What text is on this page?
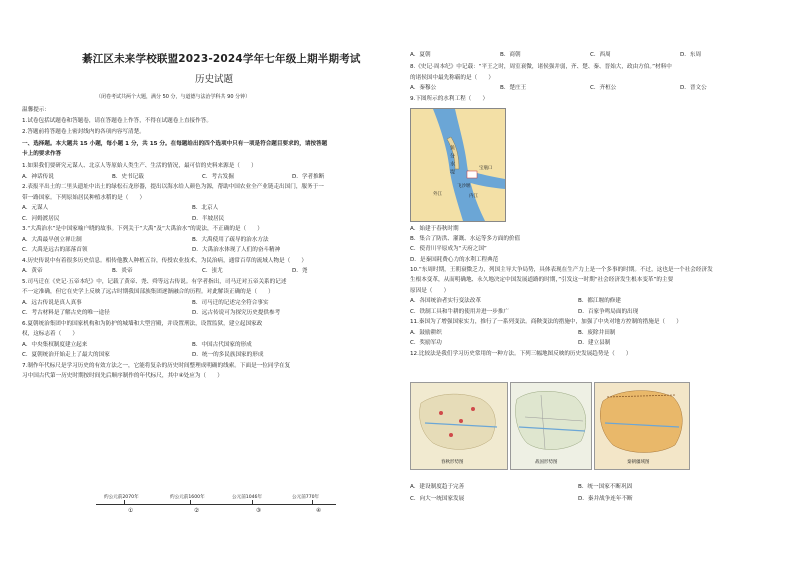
綦江区未来学校联盟2023-2024学年七年级上期半期考试
历史试题
（闭卷考试共两个大题，满分 50 分，与道德与法治学科共 90 分钟）
温馨提示：
1.试卷包括试题卷和答题卷，请在答题卷上作答，不得在试题卷上直接作答。
2.答题前将答题卷上密封线内的各项内容写清楚。
一、选择题。本大题共 15 小题，每小题 1 分，共 15 分。在每题给出的四个选项中只有一项是符合题目要求的，请按答题
卡上的要求作答
1.如果我们要研究元谋人、北京人等原始人类生产、生活的情况，最可信的史料来源是（　　）
A．神话传说	B．史书记载	C．考古发掘	D．学者推断
2.表报平出土的二里头遗址中出土的绿松石龙形器，提出以海水给人颜色为源，帮助中国农业全产业链走出国门，服务于一
带一路国家。下列原始居民种植水稻的是（　　）
A．元谋人	B．北京人
C．河姆渡居民	D．半坡居民
3.“大禹治水”是中国家喻户晓的故事。下列关于“大禹”及“大禹治水”的说法，不正确的是（　　）
A．大禹最早创立禅让制	B．大禹使用了疏导的治水方法
C．大禹是远古的部落首领	D．大禹治水体现了人们的奋斗精神
4.历史传说中有着很多历史信息。相传他教人种植五谷，传授农业技术，为民治病，通常百草的流域人物是（　　）
A．黄帝	B．炎帝	C．蚩尤	D．尧
5.司马迁在《史记·五帝本纪》中，记载了黄帝、尧、舜等远古传说。有学者指出，司马迁对五帝关系的记述
不一定准确，但它在史学上反映了远古时期我国部族集团逐渐融合的历程。对此解读正确的是（　　）
A．远古传说是真人真事	B．司马迁的记述完全符合事实
C．考古材料是了解古史的唯一途径	D．远古传说可为探究历史提供参考
6.夏朝统治集团中的国家机构和为防护的城墙和大型宫殿，并设置刑法，设置监狱，建立起国家政
权，这标志着（　　）
A．中央集权制度建立起来	B．中国古代国家的形成
C．夏朝统治开始走上了最大的国家	D．统一的多民族国家的形成
7.制作年代标尺是学习历史的有效方法之一，它能将复杂的历史时间整理成明确的线索。下面是一位同学在复
习中国古代第一历史时期按时间先后顺序制作的年代标尺，其中④处应为（　　）
约公元前2070年	约公元前1600年	公元前1046年	公元前770年
①	②	③	④
A．夏朝	B．商朝	C．西周	D．东周
8.《史记·周本纪》中记载：“平王之时，周室衰微，诸侯强并弱，齐、楚、秦、晋始大，政由方伯。”材料中
的诸侯国中最先称霸的是（　　）
A．秦穆公	B．楚庄王	C．齐桓公	D．晋文公
9.下图所示的水利工程（　　）
A．始建于春秋时期
B．集合了防洪、灌溉、水运等多方面的价值
C．使青川平原成为“天府之国”
D．是秦国耗费心力的水利工程典范
10.“东周时期，王朝衰微乏力，列国主导大争局势，具体表现在生产力上是一个多事的时期。不过，这也是一个社会经济发
生根本变革，从而明确地、永久地决定中国发展道路的时期，”引发这一时期“社会经济发生根本变革”的主要
原因是（　　）
A．各国统治者实行变法改革	B．都江堰的修建
C．铁制工具和牛耕的使用并进一步推广	D．百家争鸣局面的出现
11.秦国为了增强国家实力，推行了一系列变法。商鞅变法的措施中，加强了中央对地方控制的措施是（　　）
A．鼓励耕织	B．废除井田制
C．奖励军功	D．建立县制
12.比较法是我们学习历史常用的一种方法。下列三幅地图反映的历史发展趋势是（　　）
鱼
分
水
堤
内江
外江
宝瓶口
飞沙堰
春秋形势图	战国形势图	秦朝疆域图
A．建设制度趋于完善	B．统一国家不断巩固
C．向大一统国家发展	D．秦并战争连年不断
